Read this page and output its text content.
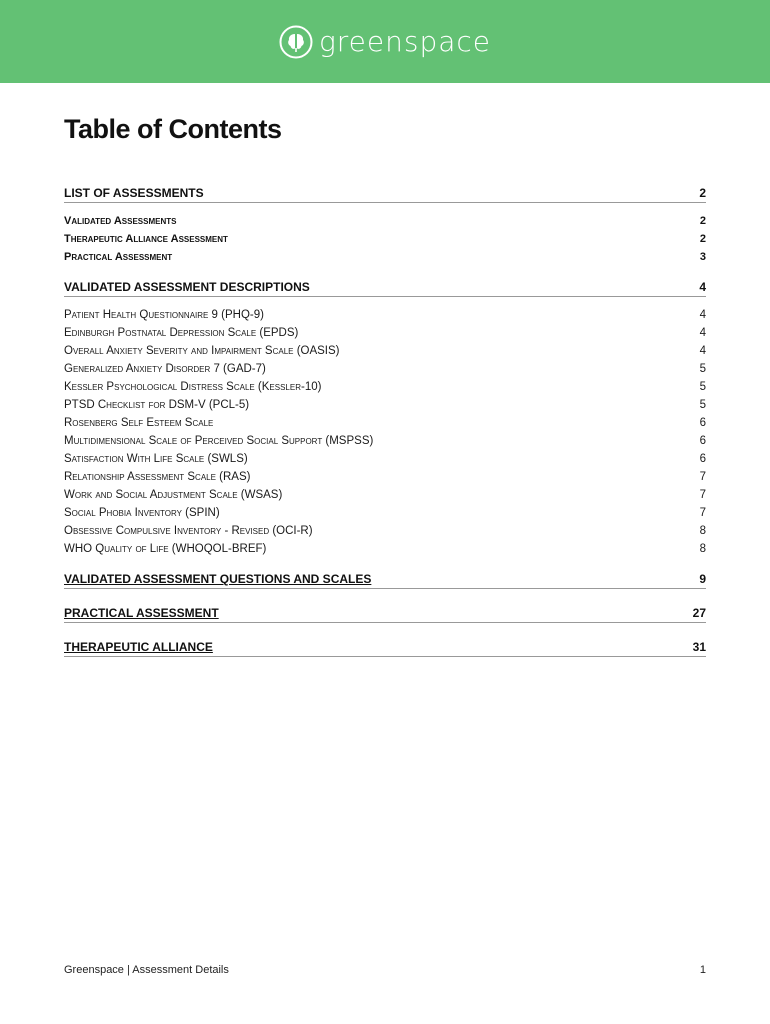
greenspace
Table of Contents
LIST OF ASSESSMENTS	2
Validated Assessments	2
Therapeutic Alliance Assessment	2
Practical Assessment	3
VALIDATED ASSESSMENT DESCRIPTIONS	4
Patient Health Questionnaire 9 (PHQ-9)	4
Edinburgh Postnatal Depression Scale (EPDS)	4
Overall Anxiety Severity and Impairment Scale (OASIS)	4
Generalized Anxiety Disorder 7 (GAD-7)	5
Kessler Psychological Distress Scale (Kessler-10)	5
PTSD Checklist for DSM-V (PCL-5)	5
Rosenberg Self Esteem Scale	6
Multidimensional Scale of Perceived Social Support (MSPSS)	6
Satisfaction With Life Scale (SWLS)	6
Relationship Assessment Scale (RAS)	7
Work and Social Adjustment Scale (WSAS)	7
Social Phobia Inventory (SPIN)	7
Obsessive Compulsive Inventory - Revised (OCI-R)	8
WHO Quality of Life (WHOQOL-BREF)	8
VALIDATED ASSESSMENT QUESTIONS AND SCALES	9
PRACTICAL ASSESSMENT	27
THERAPEUTIC ALLIANCE	31
Greenspace | Assessment Details	1
